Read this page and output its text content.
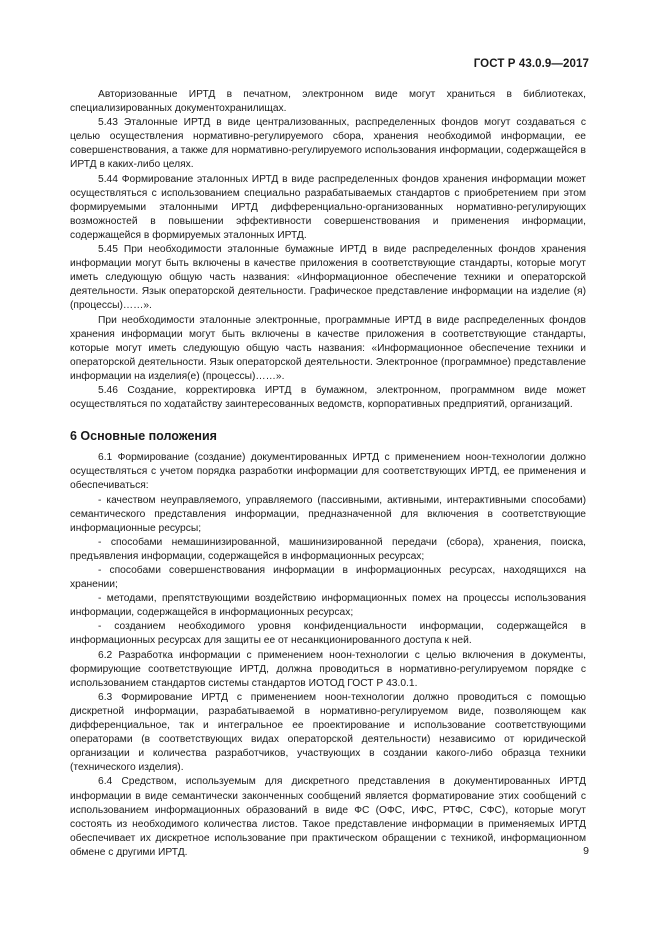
ГОСТ Р 43.0.9—2017

Авторизованные ИРТД в печатном, электронном виде могут храниться в библиотеках, специализированных документохранилищах.

5.43 Эталонные ИРТД в виде централизованных, распределенных фондов могут создаваться с целью осуществления нормативно-регулируемого сбора, хранения необходимой информации, ее совершенствования, а также для нормативно-регулируемого использования информации, содержащейся в ИРТД в каких-либо целях.

5.44 Формирование эталонных ИРТД в виде распределенных фондов хранения информации может осуществляться с использованием специально разрабатываемых стандартов с приобретением при этом формируемыми эталонными ИРТД дифференциально-организованных нормативно-регулирующих возможностей в повышении эффективности совершенствования и применения информации, содержащейся в формируемых эталонных ИРТД.

5.45 При необходимости эталонные бумажные ИРТД в виде распределенных фондов хранения информации могут быть включены в качестве приложения в соответствующие стандарты, которые могут иметь следующую общую часть названия: «Информационное обеспечение техники и операторской деятельности. Язык операторской деятельности. Графическое представление информации на изделие (я) (процессы)……».

При необходимости эталонные электронные, программные ИРТД в виде распределенных фондов хранения информации могут быть включены в качестве приложения в соответствующие стандарты, которые могут иметь следующую общую часть названия: «Информационное обеспечение техники и операторской деятельности. Язык операторской деятельности. Электронное (программное) представление информации на изделия(е) (процессы)……».

5.46 Создание, корректировка ИРТД в бумажном, электронном, программном виде может осуществляться по ходатайству заинтересованных ведомств, корпоративных предприятий, организаций.

6 Основные положения

6.1 Формирование (создание) документированных ИРТД с применением ноон-технологии должно осуществляться с учетом порядка разработки информации для соответствующих ИРТД, ее применения и обеспечиваться:

- качеством неуправляемого, управляемого (пассивными, активными, интерактивными способами) семантического представления информации, предназначенной для включения в соответствующие информационные ресурсы;

- способами немашинизированной, машинизированной передачи (сбора), хранения, поиска, предъявления информации, содержащейся в информационных ресурсах;

- способами совершенствования информации в информационных ресурсах, находящихся на хранении;

- методами, препятствующими воздействию информационных помех на процессы использования информации, содержащейся в информационных ресурсах;

- созданием необходимого уровня конфиденциальности информации, содержащейся в информационных ресурсах для защиты ее от несанкционированного доступа к ней.

6.2 Разработка информации с применением ноон-технологии с целью включения в документы, формирующие соответствующие ИРТД, должна проводиться в нормативно-регулируемом порядке с использованием стандартов системы стандартов ИОТОД ГОСТ Р 43.0.1.

6.3 Формирование ИРТД с применением ноон-технологии должно проводиться с помощью дискретной информации, разрабатываемой в нормативно-регулируемом виде, позволяющем как дифференциальное, так и интегральное ее проектирование и использование соответствующими операторами (в соответствующих видах операторской деятельности) независимо от юридической организации и количества разработчиков, участвующих в создании какого-либо образца техники (технического изделия).

6.4 Средством, используемым для дискретного представления в документированных ИРТД информации в виде семантически законченных сообщений является форматирование этих сообщений с использованием информационных образований в виде ФС (ОФС, ИФС, РТФС, СФС), которые могут состоять из необходимого количества листов. Такое представление информации в применяемых ИРТД обеспечивает их дискретное использование при практическом обращении с техникой, информационном обмене с другими ИРТД.	9
